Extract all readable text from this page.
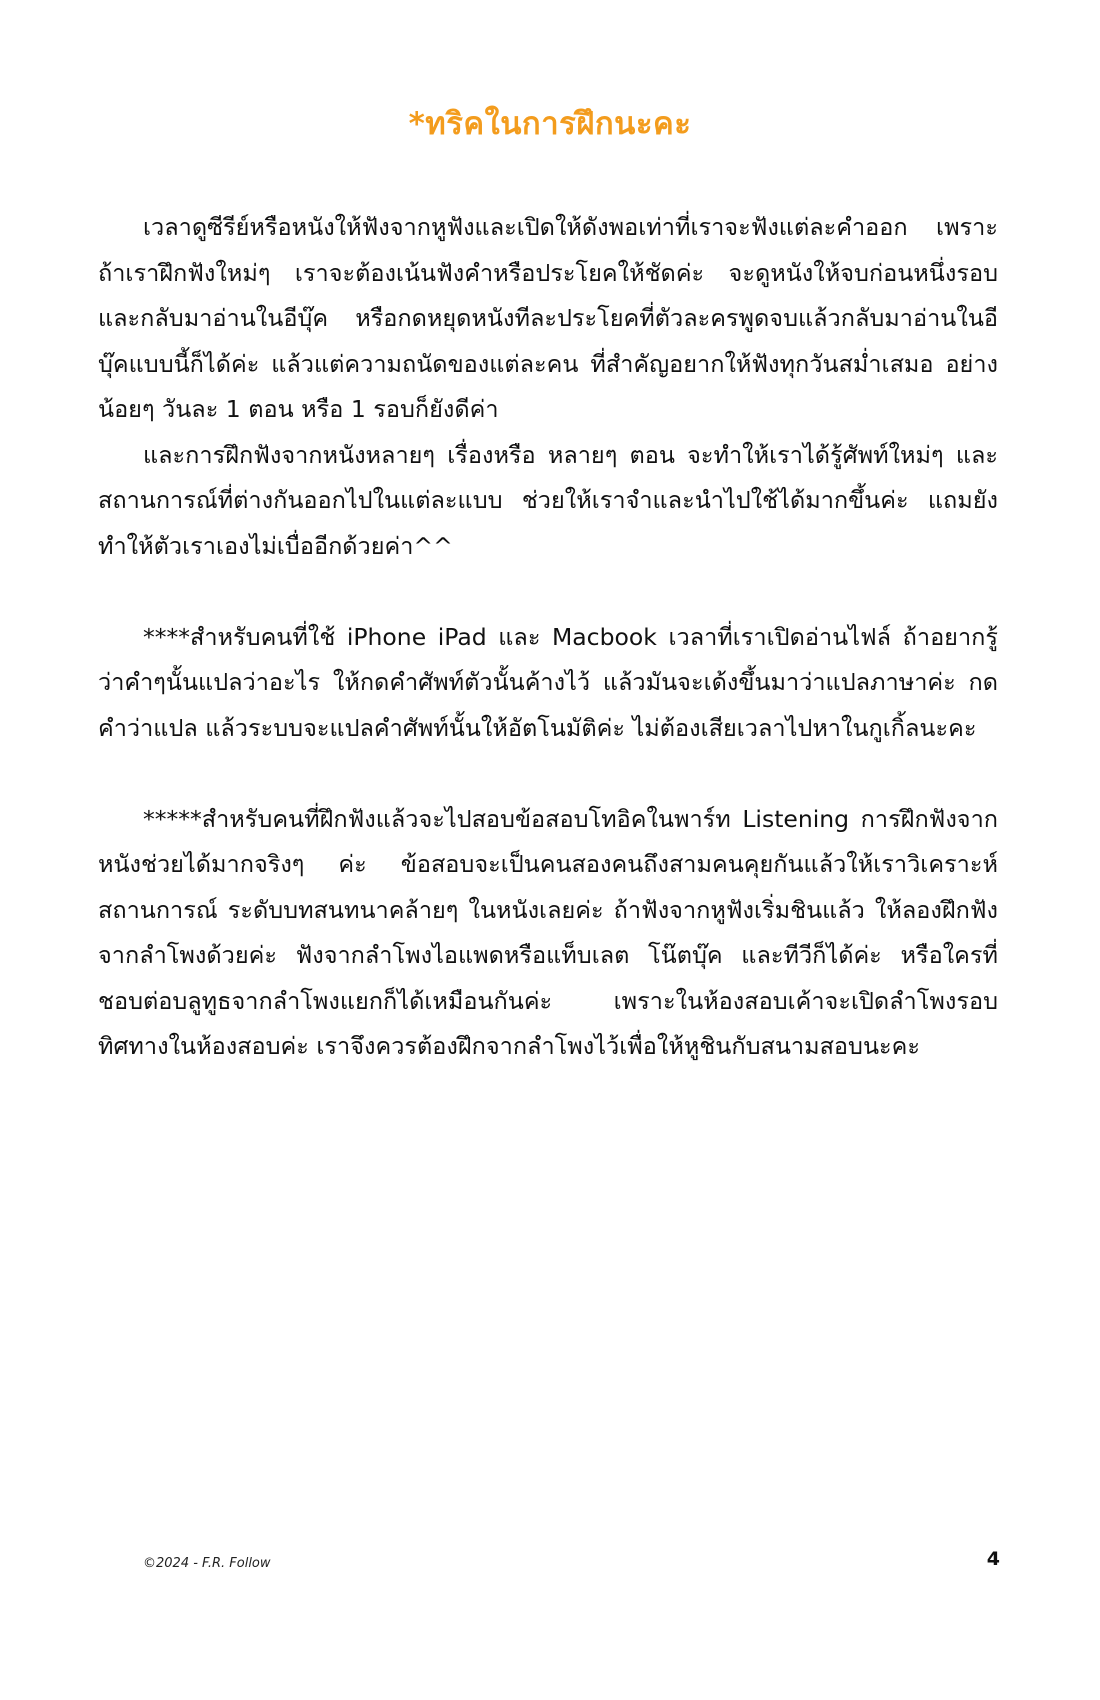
*ทริคในการฝึกนะคะ

เวลาดูซีรีย์หรือหนังให้ฟังจากหูฟังและเปิดให้ดังพอเท่าที่เราจะฟังแต่ละคำออก เพราะถ้าเราฝึกฟังใหม่ๆ เราจะต้องเน้นฟังคำหรือประโยคให้ชัดค่ะ จะดูหนังให้จบก่อนหนึ่งรอบและกลับมาอ่านในอีบุ๊ค หรือกดหยุดหนังทีละประโยคที่ตัวละครพูดจบแล้วกลับมาอ่านในอีบุ๊คแบบนี้ก็ได้ค่ะ แล้วแต่ความถนัดของแต่ละคน ที่สำคัญอยากให้ฟังทุกวันสม่ำเสมอ อย่างน้อยๆ วันละ 1 ตอน หรือ 1 รอบก็ยังดีค่า

และการฝึกฟังจากหนังหลายๆ เรื่องหรือ หลายๆ ตอน จะทำให้เราได้รู้ศัพท์ใหม่ๆ และสถานการณ์ที่ต่างกันออกไปในแต่ละแบบ ช่วยให้เราจำและนำไปใช้ได้มากขึ้นค่ะ แถมยังทำให้ตัวเราเองไม่เบื่ออีกด้วยค่า^^

****สำหรับคนที่ใช้ iPhone iPad และ Macbook เวลาที่เราเปิดอ่านไฟล์ ถ้าอยากรู้ว่าคำๆนั้นแปลว่าอะไร ให้กดคำศัพท์ตัวนั้นค้างไว้ แล้วมันจะเด้งขึ้นมาว่าแปลภาษาค่ะ กดคำว่าแปล แล้วระบบจะแปลคำศัพท์นั้นให้อัตโนมัติค่ะ ไม่ต้องเสียเวลาไปหาในกูเกิ้ลนะคะ

*****สำหรับคนที่ฝึกฟังแล้วจะไปสอบข้อสอบโทอิคในพาร์ท Listening การฝึกฟังจากหนังช่วยได้มากจริงๆ ค่ะ ข้อสอบจะเป็นคนสองคนถึงสามคนคุยกันแล้วให้เราวิเคราะห์สถานการณ์ ระดับบทสนทนาคล้ายๆ ในหนังเลยค่ะ ถ้าฟังจากหูฟังเริ่มชินแล้ว ให้ลองฝึกฟังจากลำโพงด้วยค่ะ ฟังจากลำโพงไอแพดหรือแท็บเลต โน๊ตบุ๊ค และทีวีก็ได้ค่ะ หรือใครที่ชอบต่อบลูทูธจากลำโพงแยกก็ได้เหมือนกันค่ะ เพราะในห้องสอบเค้าจะเปิดลำโพงรอบทิศทางในห้องสอบค่ะ เราจึงควรต้องฝึกจากลำโพงไว้เพื่อให้หูชินกับสนามสอบนะคะ

©2024 - F.R. Follow	4
